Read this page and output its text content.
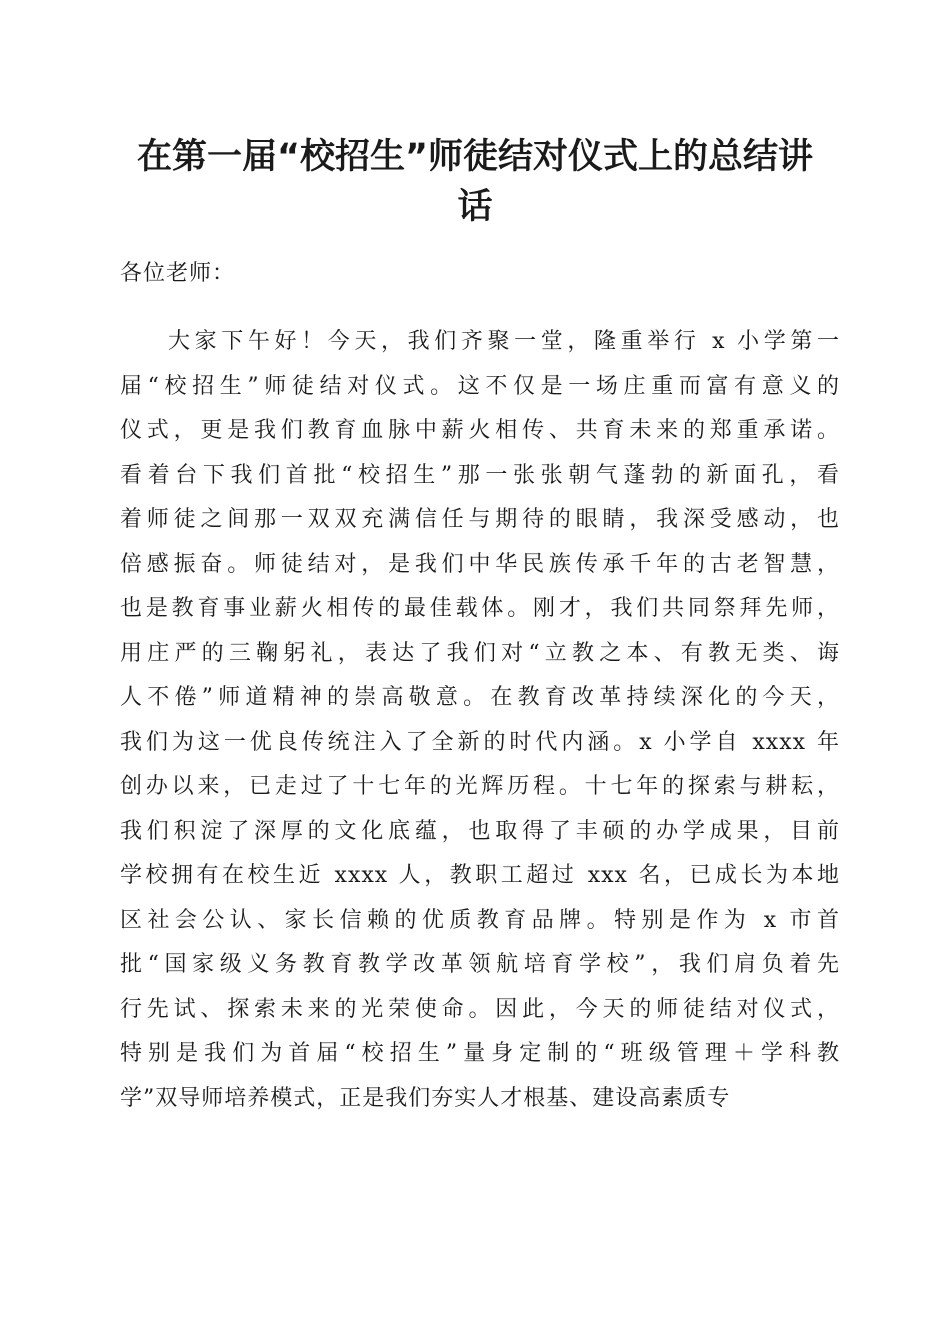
在第一届“校招生”师徒结对仪式上的总结讲
话
各位老师：
大家下午好！今天，我们齐聚一堂，隆重举行 x 小学第一
届“校招生”师徒结对仪式。这不仅是一场庄重而富有意义的
仪式，更是我们教育血脉中薪火相传、共育未来的郑重承诺。
看着台下我们首批“校招生”那一张张朝气蓬勃的新面孔，看
着师徒之间那一双双充满信任与期待的眼睛，我深受感动，也
倍感振奋。师徒结对，是我们中华民族传承千年的古老智慧，
也是教育事业薪火相传的最佳载体。刚才，我们共同祭拜先师，
用庄严的三鞠躬礼，表达了我们对“立教之本、有教无类、诲
人不倦”师道精神的崇高敬意。在教育改革持续深化的今天，
我们为这一优良传统注入了全新的时代内涵。x 小学自 xxxx 年
创办以来，已走过了十七年的光辉历程。十七年的探索与耕耘，
我们积淀了深厚的文化底蕴，也取得了丰硕的办学成果，目前
学校拥有在校生近 xxxx 人，教职工超过 xxx 名，已成长为本地
区社会公认、家长信赖的优质教育品牌。特别是作为 x 市首
批“国家级义务教育教学改革领航培育学校”，我们肩负着先
行先试、探索未来的光荣使命。因此，今天的师徒结对仪式，
特别是我们为首届“校招生”量身定制的“班级管理＋学科教
学”双导师培养模式，正是我们夯实人才根基、建设高素质专
